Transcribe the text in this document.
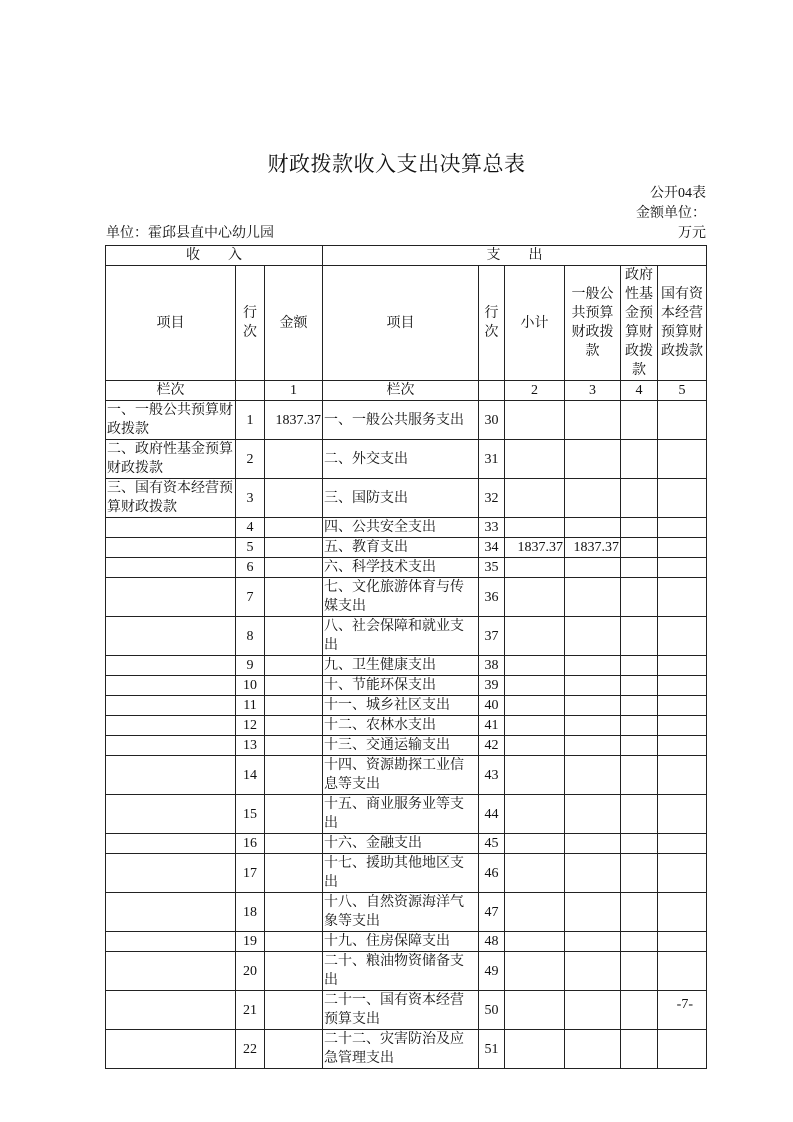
财政拨款收入支出决算总表
公开04表
金额单位：
万元
单位：霍邱县直中心幼儿园
收　　入			支　　出					
项目	行次	金额	项目	行次	小计	一般公共预算财政拨款	政府性基金预算财政拨款	国有资本经营预算财政拨款
栏次		1	栏次		2	3	4	5
一、一般公共预算财政拨款	1	1837.37	一、一般公共服务支出	30				
二、政府性基金预算财政拨款	2		二、外交支出	31				
三、国有资本经营预算财政拨款	3		三、国防支出	32				
	4		四、公共安全支出	33				
	5		五、教育支出	34	1837.37	1837.37		
	6		六、科学技术支出	35				
	7		七、文化旅游体育与传媒支出	36				
	8		八、社会保障和就业支出	37				
	9		九、卫生健康支出	38				
	10		十、节能环保支出	39				
	11		十一、城乡社区支出	40				
	12		十二、农林水支出	41				
	13		十三、交通运输支出	42				
	14		十四、资源勘探工业信息等支出	43				
	15		十五、商业服务业等支出	44				
	16		十六、金融支出	45				
	17		十七、援助其他地区支出	46				
	18		十八、自然资源海洋气象等支出	47				
	19		十九、住房保障支出	48				
	20		二十、粮油物资储备支出	49				
	21		二十一、国有资本经营预算支出	50				
	22		二十二、灾害防治及应急管理支出	51				
-7-
